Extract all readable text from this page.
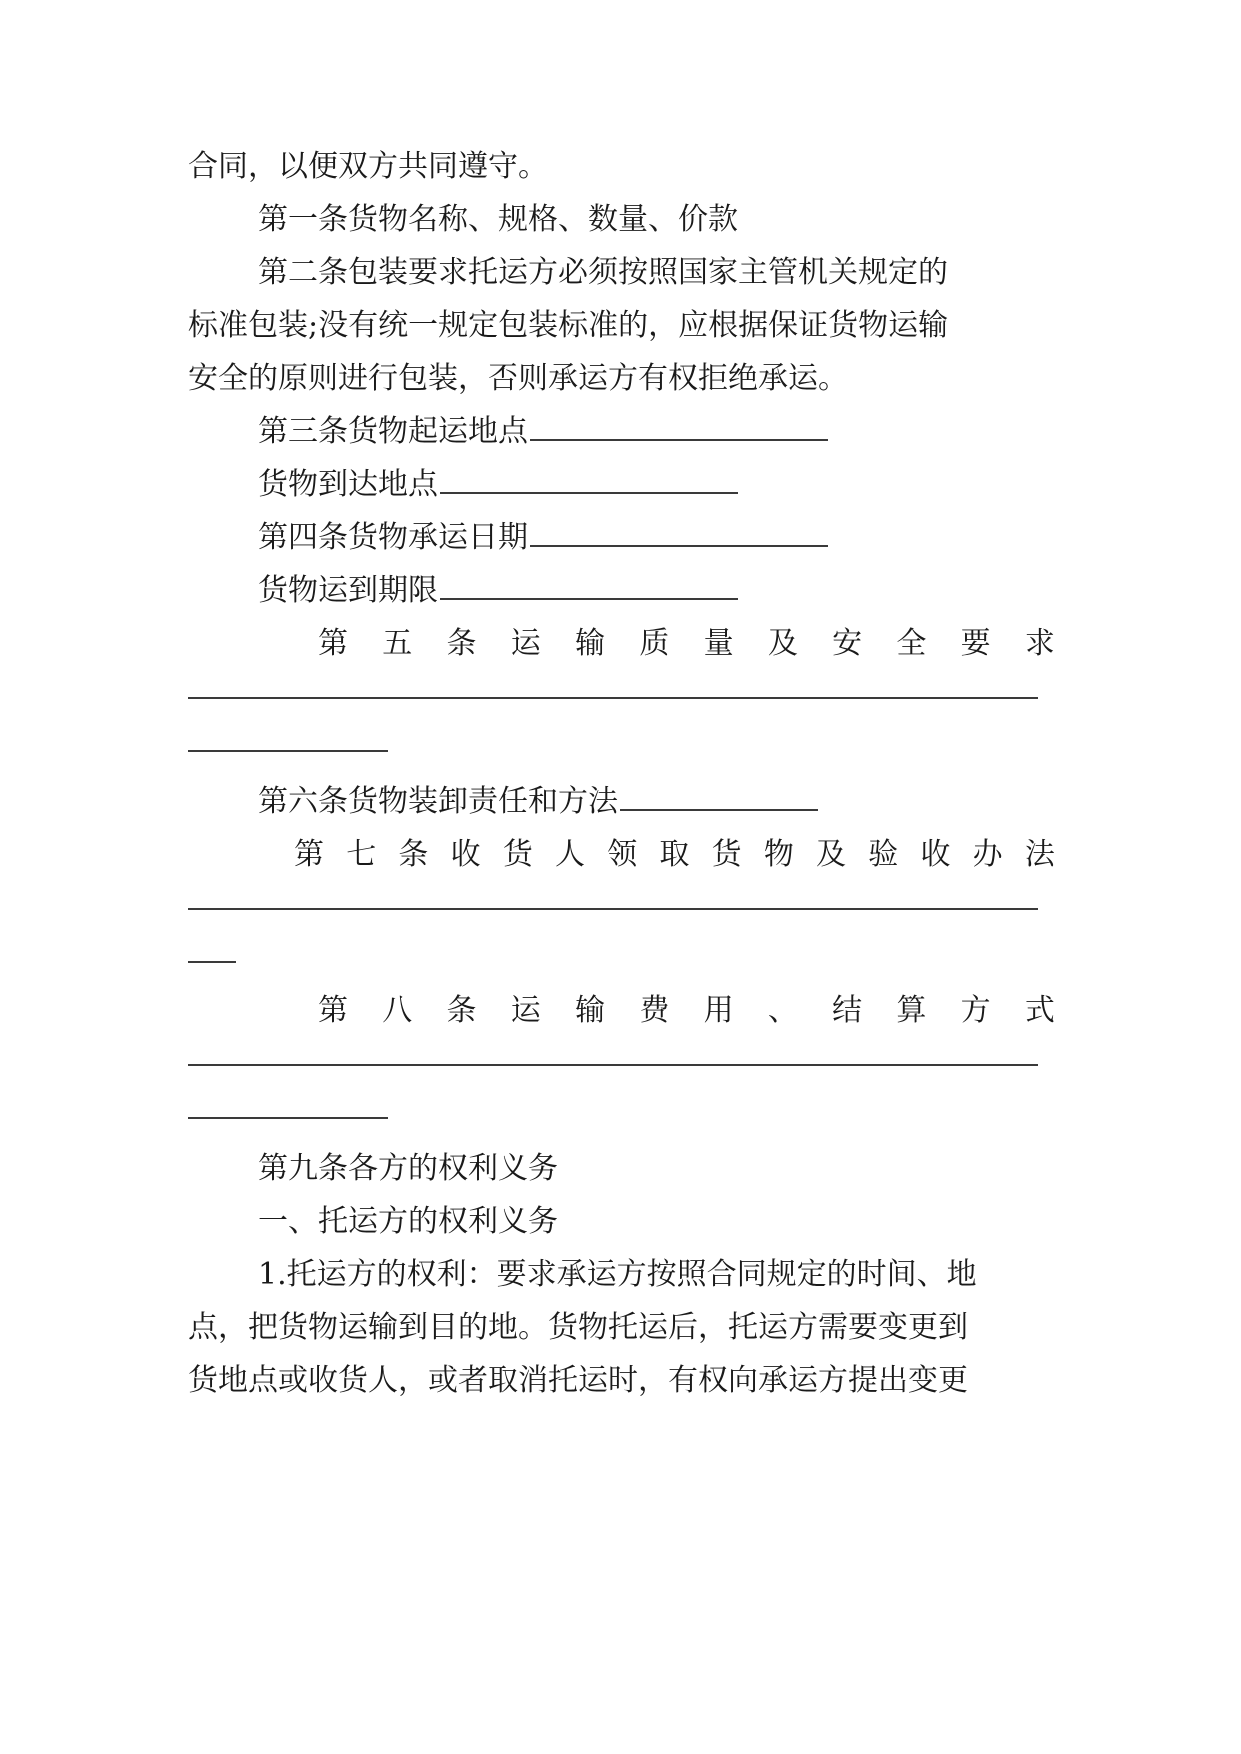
合同，以便双方共同遵守。
第一条货物名称、规格、数量、价款
第二条包装要求托运方必须按照国家主管机关规定的
标准包装;没有统一规定包装标准的，应根据保证货物运输
安全的原则进行包装，否则承运方有权拒绝承运。
第三条货物起运地点
货物到达地点
第四条货物承运日期
货物运到期限
第 五 条 运 输 质 量 及 安 全 要 求
第六条货物装卸责任和方法
第 七 条 收 货 人 领 取 货 物 及 验 收 办 法
第 八 条 运 输 费 用 、 结 算 方 式
第九条各方的权利义务
一、托运方的权利义务
1.托运方的权利：要求承运方按照合同规定的时间、地
点，把货物运输到目的地。货物托运后，托运方需要变更到
货地点或收货人，或者取消托运时，有权向承运方提出变更
